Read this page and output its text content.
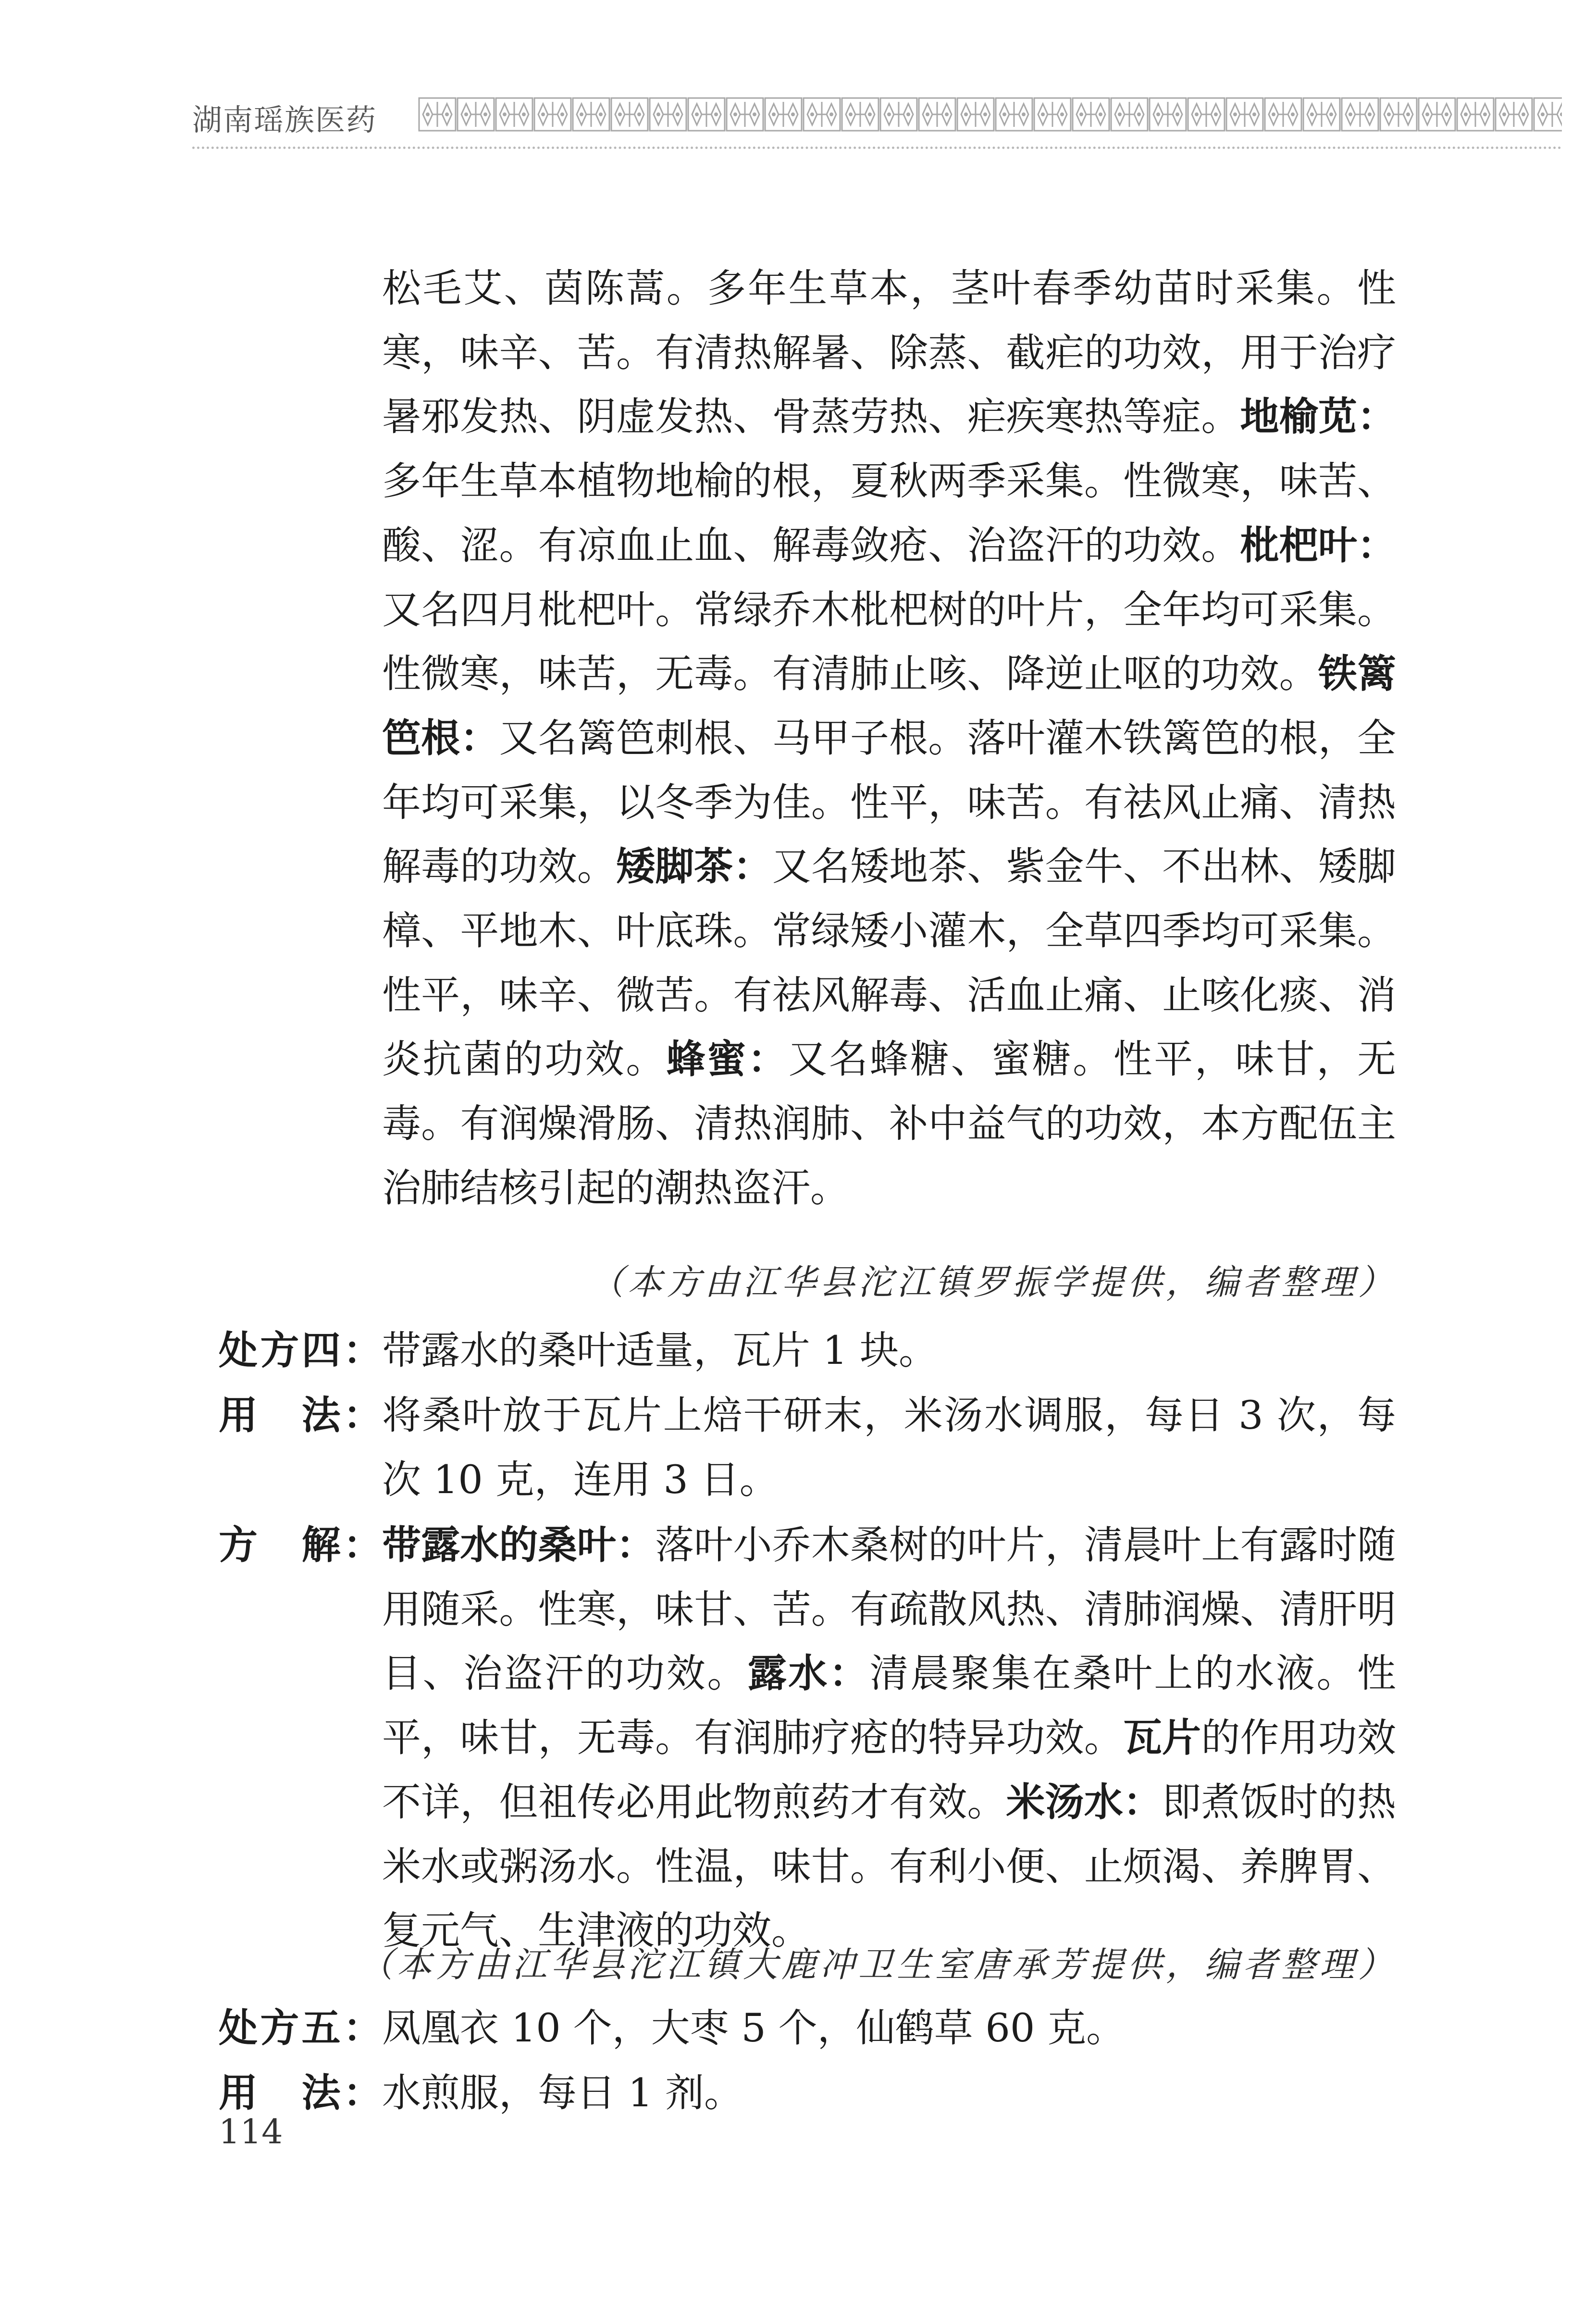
湖南瑶族医药

松毛艾、茵陈蒿。多年生草本，茎叶春季幼苗时采集。性寒，味辛、苦。有清热解暑、除蒸、截疟的功效，用于治疗暑邪发热、阴虚发热、骨蒸劳热、疟疾寒热等症。地榆苋：多年生草本植物地榆的根，夏秋两季采集。性微寒，味苦、酸、涩。有凉血止血、解毒敛疮、治盗汗的功效。枇杷叶：又名四月枇杷叶。常绿乔木枇杷树的叶片，全年均可采集。性微寒，味苦，无毒。有清肺止咳、降逆止呕的功效。铁篱笆根：又名篱笆刺根、马甲子根。落叶灌木铁篱笆的根，全年均可采集，以冬季为佳。性平，味苦。有祛风止痛、清热解毒的功效。矮脚茶：又名矮地茶、紫金牛、不出林、矮脚樟、平地木、叶底珠。常绿矮小灌木，全草四季均可采集。性平，味辛、微苦。有祛风解毒、活血止痛、止咳化痰、消炎抗菌的功效。蜂蜜：又名蜂糖、蜜糖。性平，味甘，无毒。有润燥滑肠、清热润肺、补中益气的功效，本方配伍主治肺结核引起的潮热盗汗。

（本方由江华县沱江镇罗振学提供，编者整理）
处方四： 带露水的桑叶适量，瓦片 1 块。
用　法： 将桑叶放于瓦片上焙干研末，米汤水调服，每日 3 次，每次 10 克，连用 3 日。
方　解： 带露水的桑叶：落叶小乔木桑树的叶片，清晨叶上有露时随用随采。性寒，味甘、苦。有疏散风热、清肺润燥、清肝明目、治盗汗的功效。露水：清晨聚集在桑叶上的水液。性平，味甘，无毒。有润肺疗疮的特异功效。瓦片的作用功效不详，但祖传必用此物煎药才有效。米汤水：即煮饭时的热米水或粥汤水。性温，味甘。有利小便、止烦渴、养脾胃、复元气、生津液的功效。
（本方由江华县沱江镇大鹿冲卫生室唐承芳提供，编者整理）
处方五： 凤凰衣 10 个，大枣 5 个，仙鹤草 60 克。
用　法： 水煎服，每日 1 剂。
114
